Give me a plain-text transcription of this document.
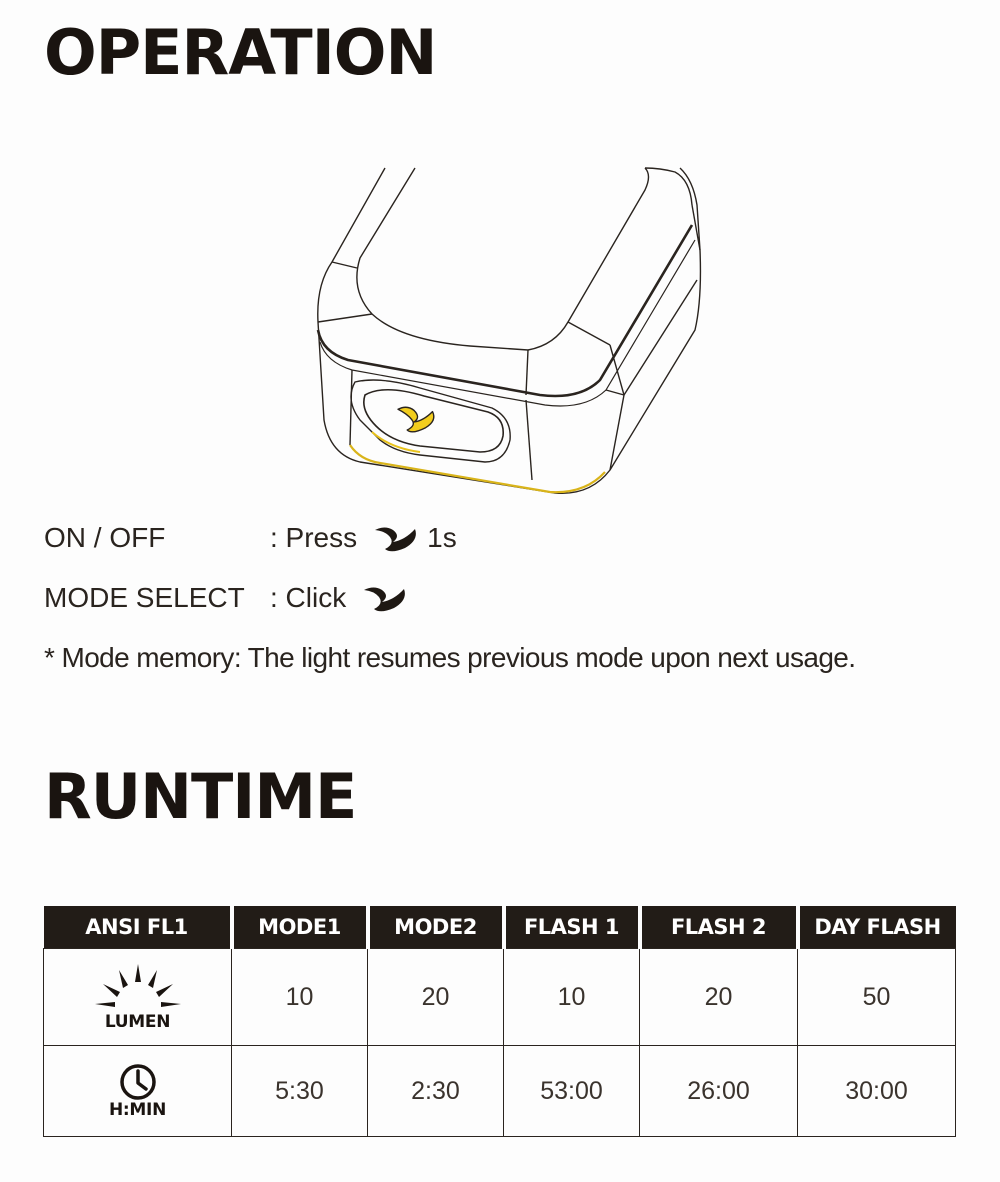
OPERATION
ON / OFF	: Press	1s
MODE SELECT : Click
* Mode memory: The light resumes previous mode upon next usage.
RUNTIME
ANSI FL1	MODE1	MODE2	FLASH 1	FLASH 2	DAY FLASH

LUMEN	10	20	10	20	50

H:MIN	5:30	2:30	53:00	26:00	30:00
